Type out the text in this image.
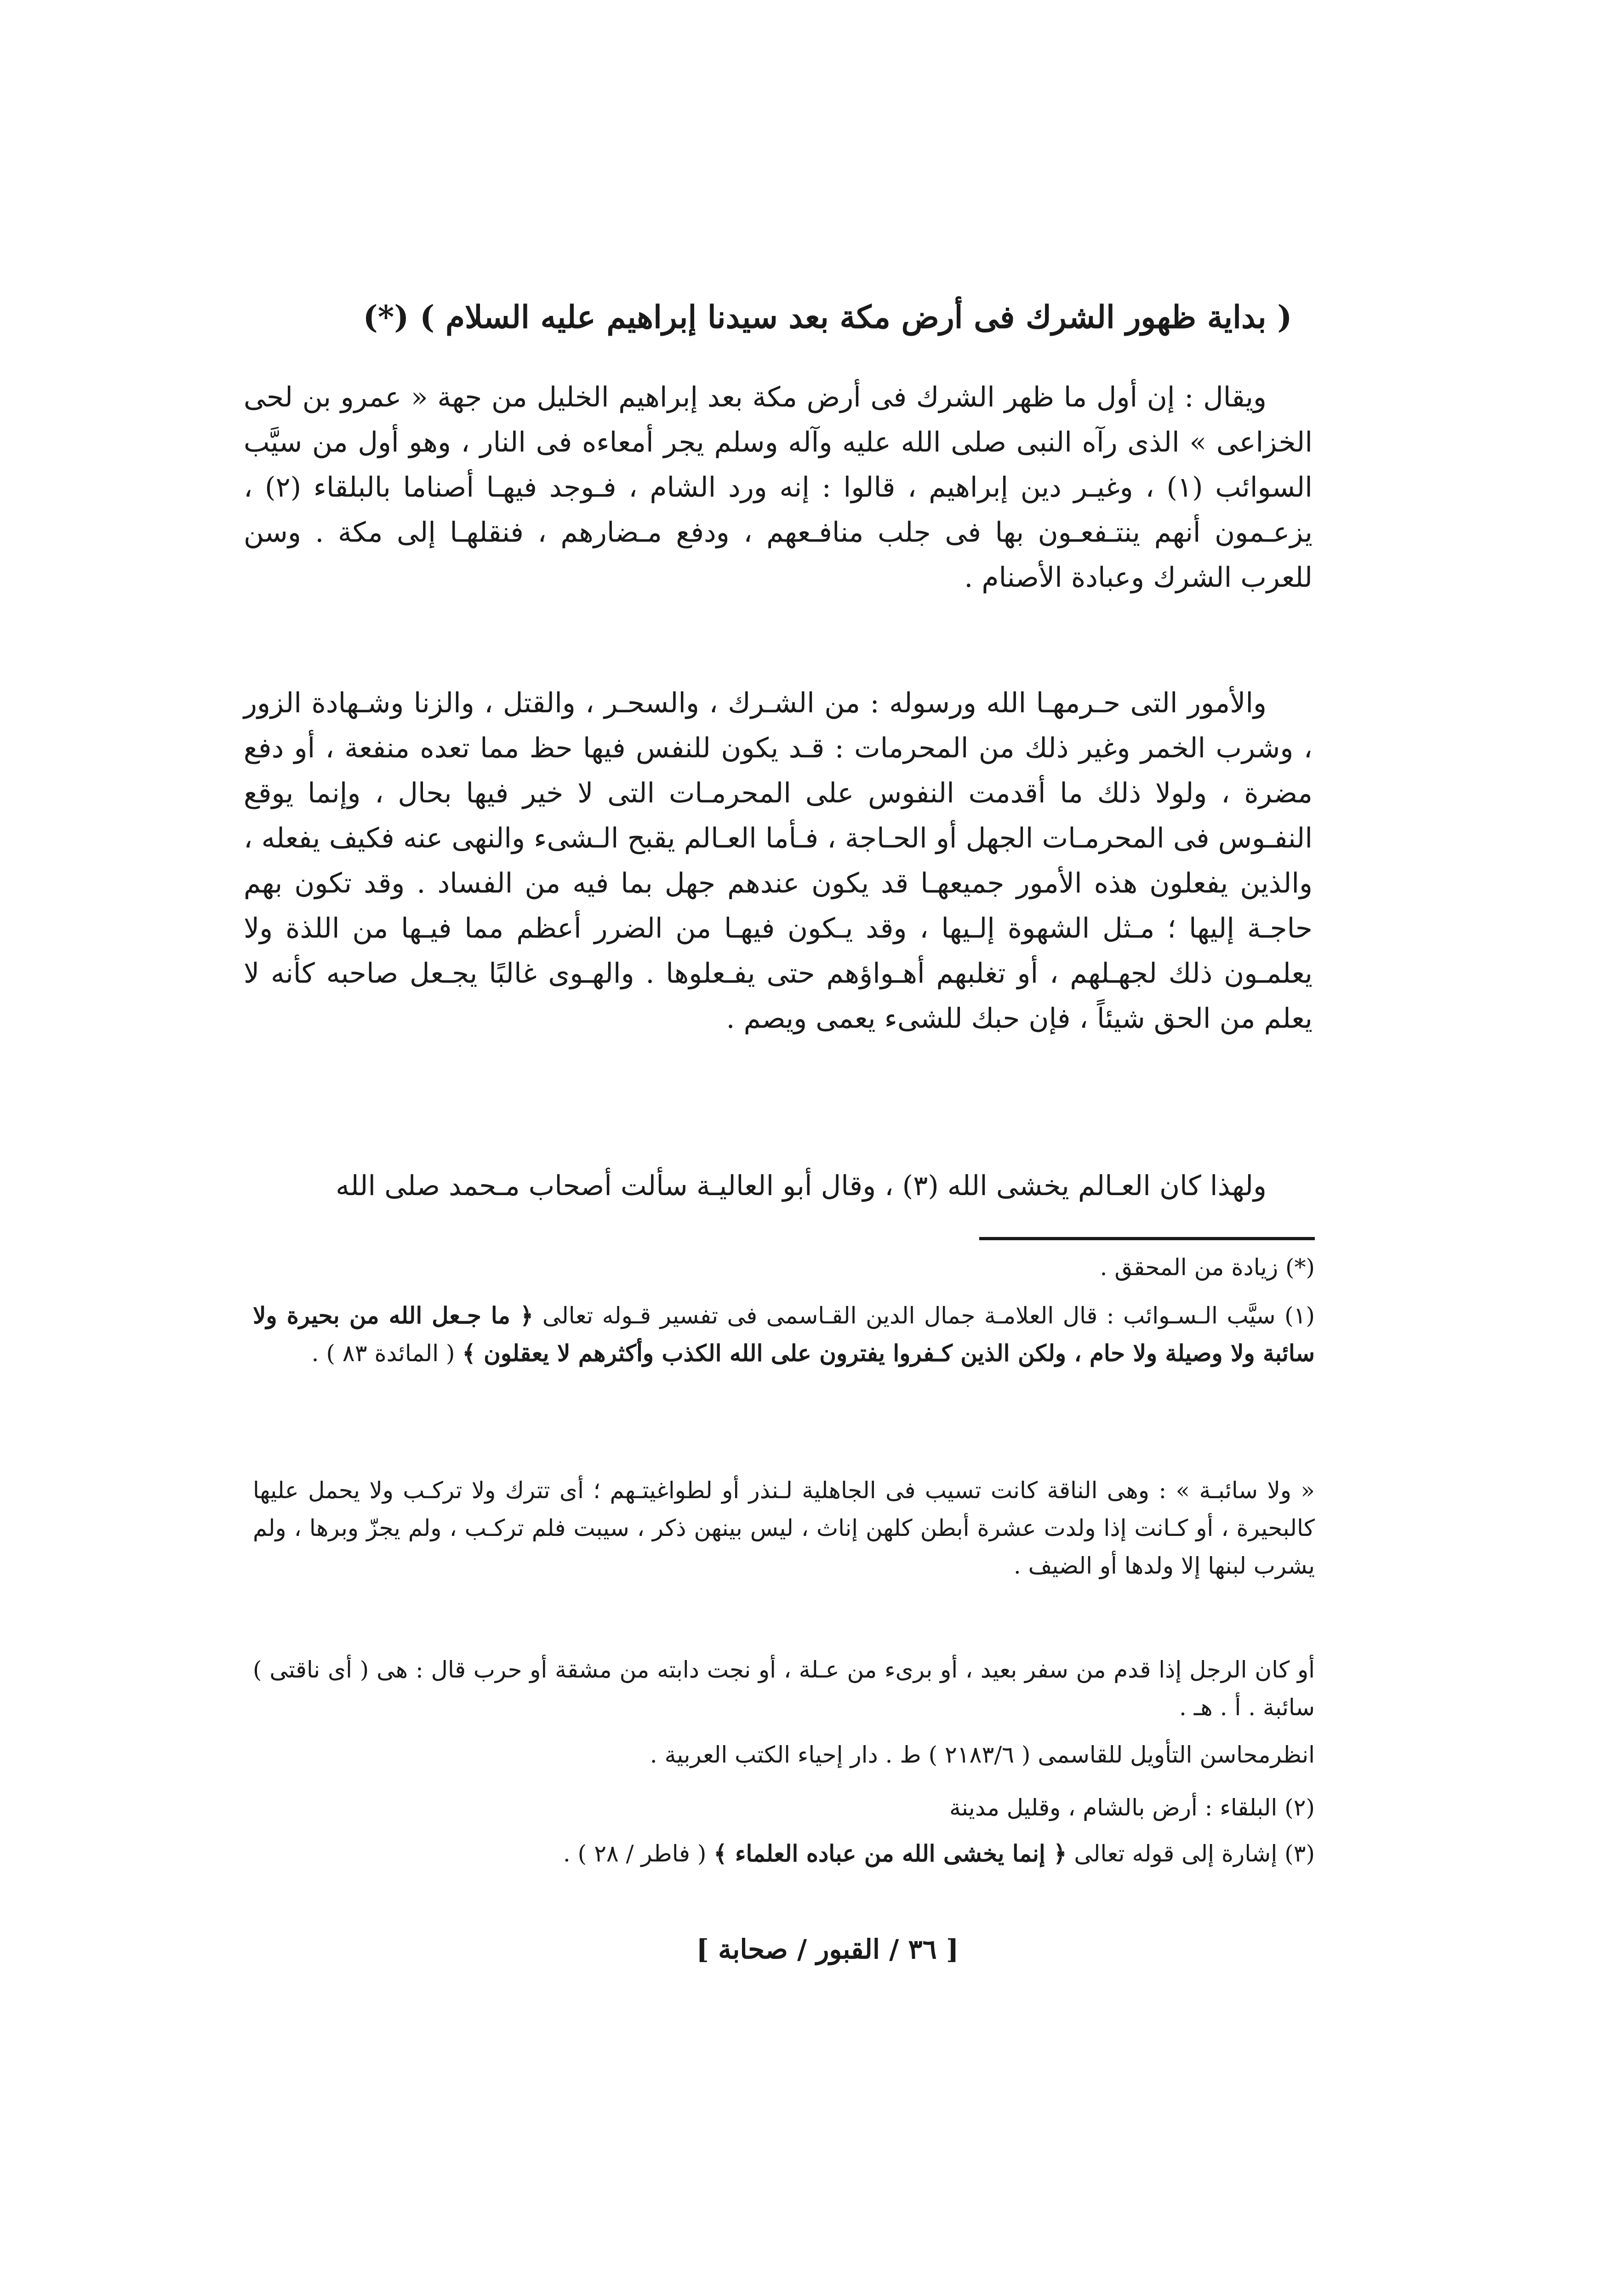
( بداية ظهور الشرك فى أرض مكة بعد سيدنا إبراهيم عليه السلام ) (*)
ويقال : إن أول ما ظهر الشرك فى أرض مكة بعد إبراهيم الخليل من جهة « عمرو بن لحى الخزاعى » الذى رآه النبى صلى الله عليه وآله وسلم يجر أمعاءه فى النار ، وهو أول من سيَّب السوائب (١) ، وغيـر دين إبراهيم ، قالوا : إنه ورد الشام ، فـوجد فيهـا أصناما بالبلقاء (٢) ، يزعـمون أنهم ينتـفعـون بها فى جلب منافـعهم ، ودفع مـضارهم ، فنقلهـا إلى مكة . وسن للعرب الشرك وعبادة الأصنام .
والأمور التى حـرمهـا الله ورسوله : من الشـرك ، والسحـر ، والقتل ، والزنا وشـهادة الزور ، وشرب الخمر وغير ذلك من المحرمات : قـد يكون للنفس فيها حظ مما تعده منفعة ، أو دفع مضرة ، ولولا ذلك ما أقدمت النفوس على المحرمـات التى لا خير فيها بحال ، وإنما يوقع النفـوس فى المحرمـات الجهل أو الحـاجة ، فـأما العـالم يقبح الـشىء والنهى عنه فكيف يفعله ، والذين يفعلون هذه الأمور جميعهـا قد يكون عندهم جهل بما فيه من الفساد . وقد تكون بهم حاجـة إليها ؛ مـثل الشهوة إلـيها ، وقد يـكون فيهـا من الضرر أعظم مما فيـها من اللذة ولا يعلمـون ذلك لجهـلهم ، أو تغلبهم أهـواؤهم حتى يفـعلوها . والهـوى غالبًا يجـعل صاحبه كأنه لا يعلم من الحق شيئاً ، فإن حبك للشىء يعمى ويصم .
ولهذا كان العـالم يخشى الله (٣) ، وقال أبو العاليـة سألت أصحاب مـحمد صلى الله
(*) زيادة من المحقق .
(١) سيَّب الـسـوائب : قال العلامـة جمال الدين القـاسمى فى تفسير قـوله تعالى ﴿ ما جـعل الله من بحيرة ولا سائبة ولا وصيلة ولا حام ، ولكن الذين كـفروا يفترون على الله الكذب وأكثرهم لا يعقلون ﴾ ( المائدة ٨٣ ) .
« ولا سائبـة » : وهى الناقة كانت تسيب فى الجاهلية لـنذر أو لطواغيتـهم ؛ أى تترك ولا تركـب ولا يحمل عليها كالبحيرة ، أو كـانت إذا ولدت عشرة أبطن كلهن إناث ، ليس بينهن ذكر ، سيبت فلم تركـب ، ولم يجزّ وبرها ، ولم يشرب لبنها إلا ولدها أو الضيف .
أو كان الرجل إذا قدم من سفر بعيد ، أو برىء من عـلة ، أو نجت دابته من مشقة أو حرب قال : هى ( أى ناقتى ) سائبة . أ . هـ .
انظرمحاسن التأويل للقاسمى ( ٢١٨٣/٦ ) ط . دار إحياء الكتب العربية .
(٢) البلقاء : أرض بالشام ، وقليل مدينة
(٣) إشارة إلى قوله تعالى ﴿ إنما يخشى الله من عباده العلماء ﴾ ( فاطر / ٢٨ ) .
[ ٣٦ / القبور / صحابة ]
